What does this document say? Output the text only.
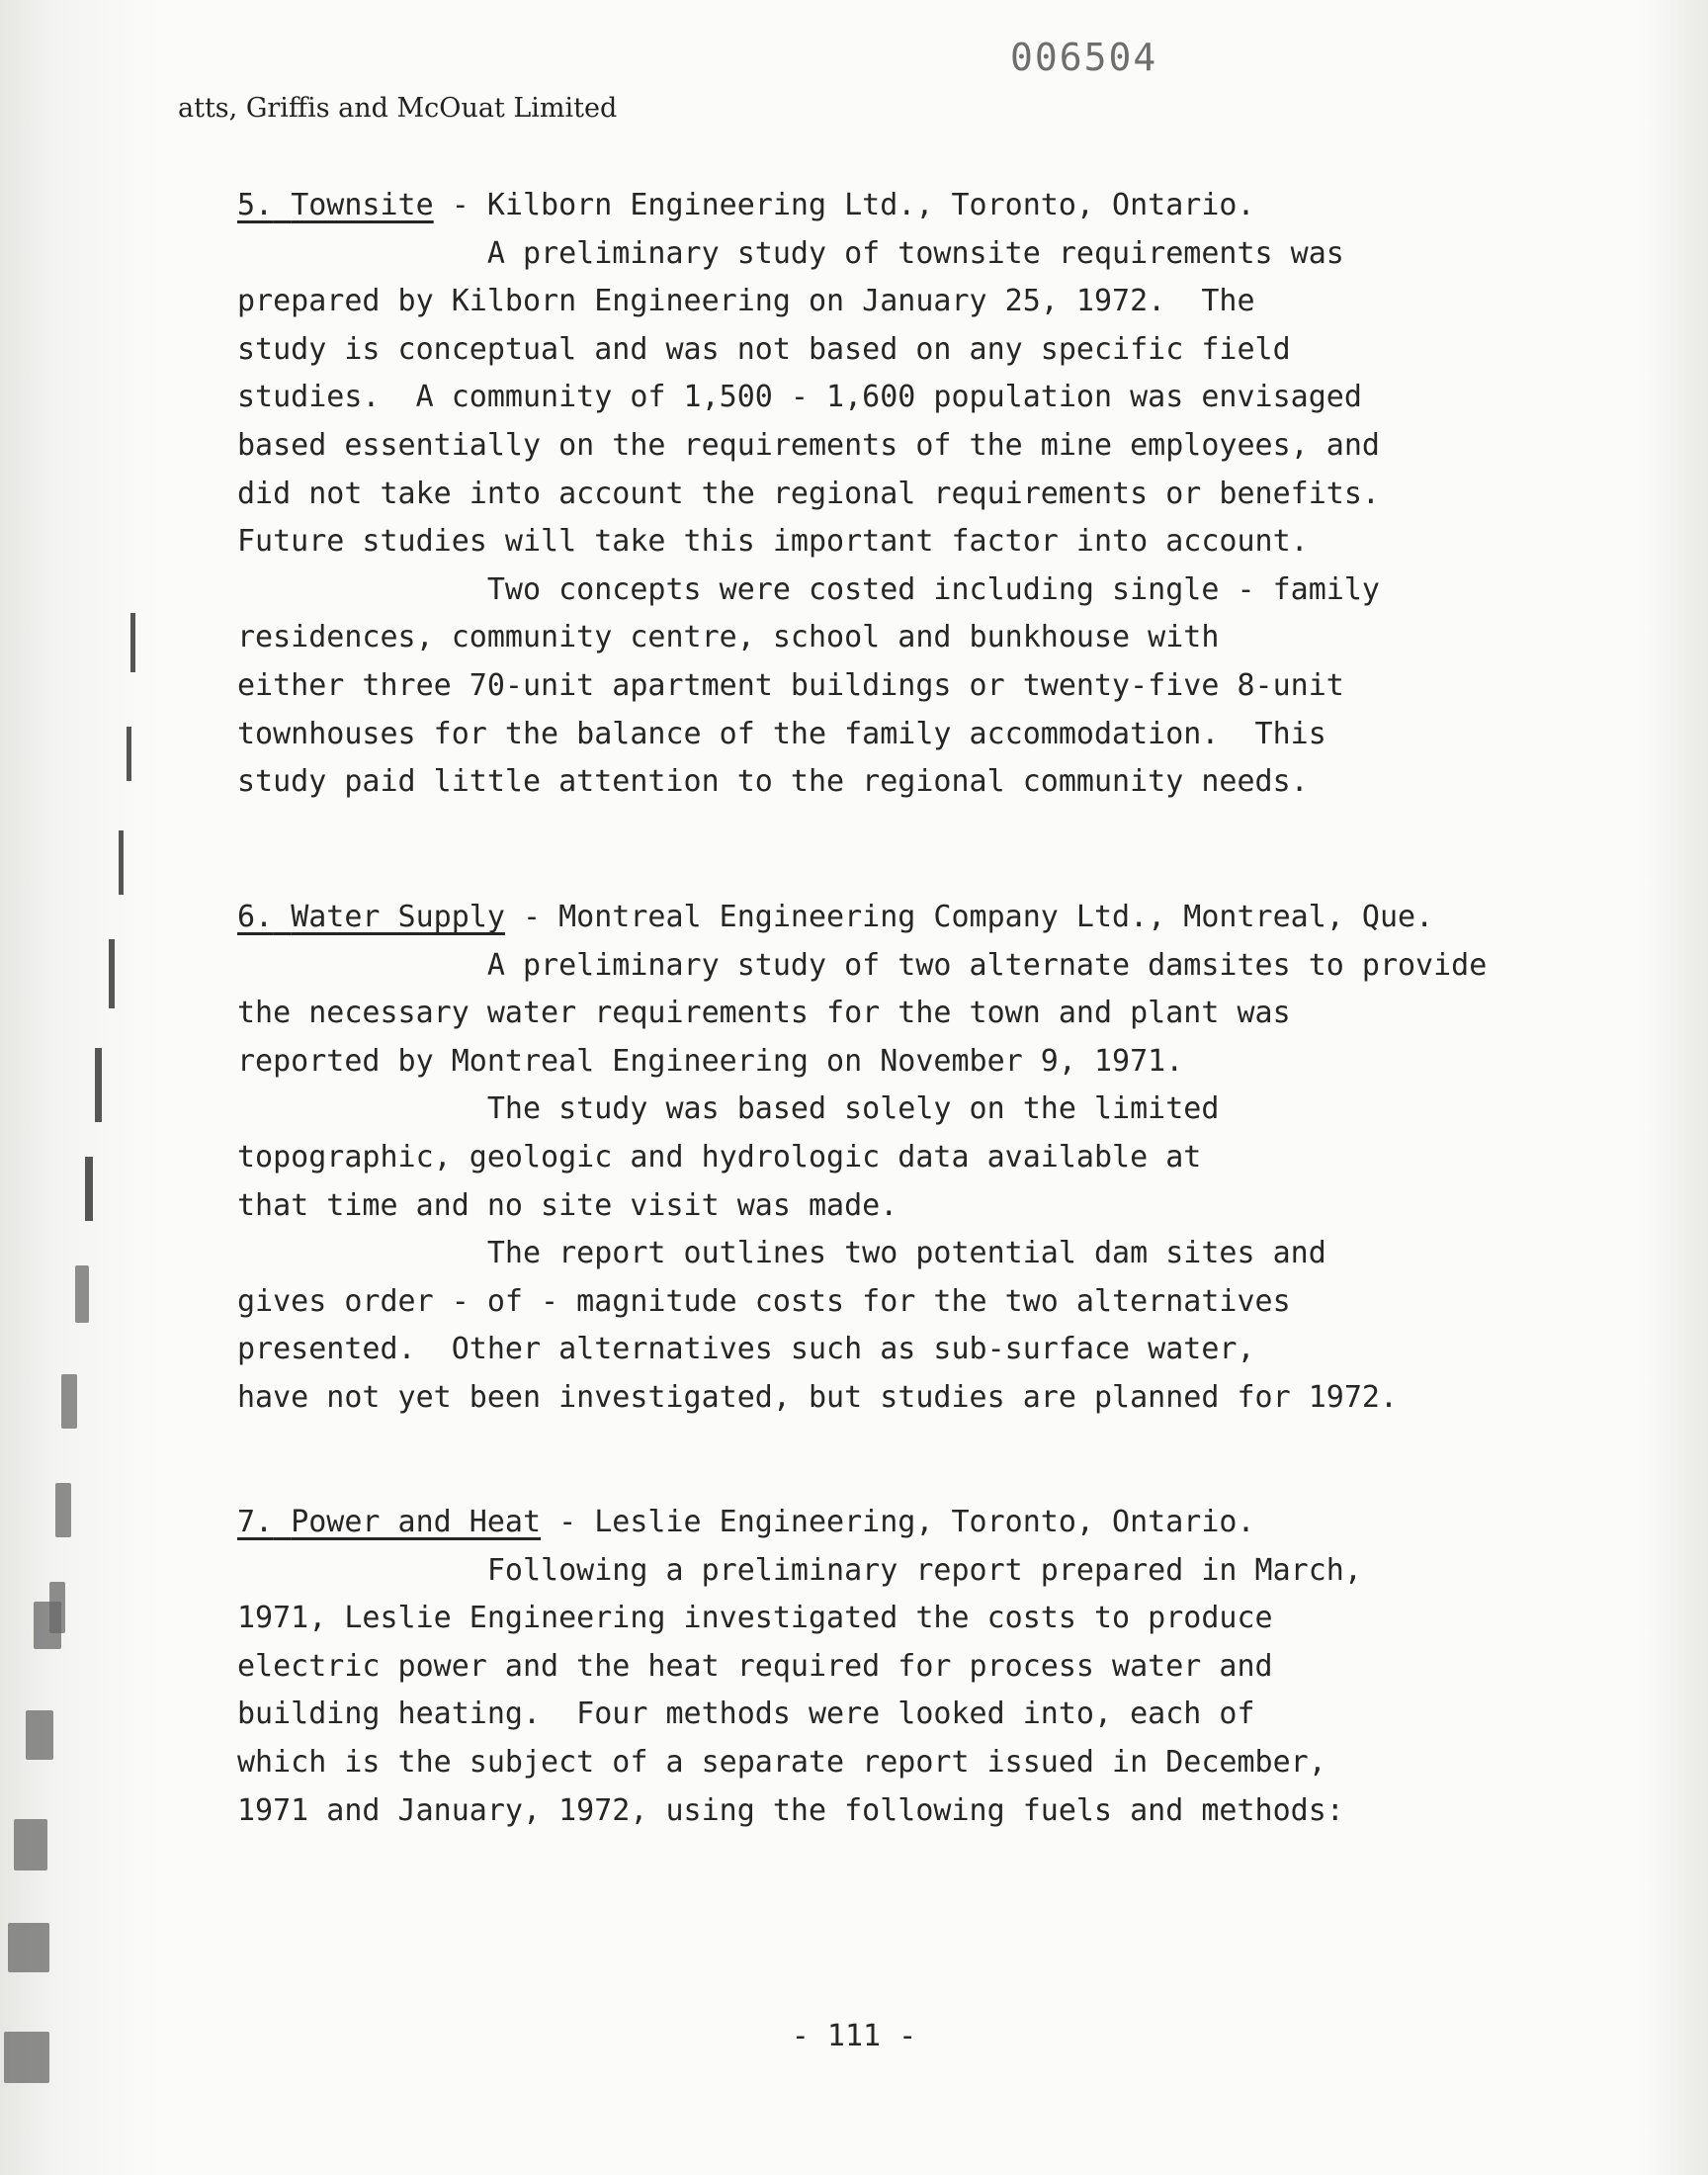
006504
atts, Griffis and McOuat Limited
5. Townsite - Kilborn Engineering Ltd., Toronto, Ontario.

A preliminary study of townsite requirements was

prepared by Kilborn Engineering on January 25, 1972.  The

study is conceptual and was not based on any specific field

studies.  A community of 1,500 - 1,600 population was envisaged

based essentially on the requirements of the mine employees, and

did not take into account the regional requirements or benefits.

Future studies will take this important factor into account.

Two concepts were costed including single - family

residences, community centre, school and bunkhouse with

either three 70-unit apartment buildings or twenty-five 8-unit

townhouses for the balance of the family accommodation.  This

study paid little attention to the regional community needs.

6. Water Supply - Montreal Engineering Company Ltd., Montreal, Que.

A preliminary study of two alternate damsites to provide

the necessary water requirements for the town and plant was

reported by Montreal Engineering on November 9, 1971.

The study was based solely on the limited

topographic, geologic and hydrologic data available at

that time and no site visit was made.

The report outlines two potential dam sites and

gives order - of - magnitude costs for the two alternatives

presented.  Other alternatives such as sub-surface water,

have not yet been investigated, but studies are planned for 1972.

7. Power and Heat - Leslie Engineering, Toronto, Ontario.

Following a preliminary report prepared in March,

1971, Leslie Engineering investigated the costs to produce

electric power and the heat required for process water and

building heating.  Four methods were looked into, each of

which is the subject of a separate report issued in December,

1971 and January, 1972, using the following fuels and methods:

- 111 -
